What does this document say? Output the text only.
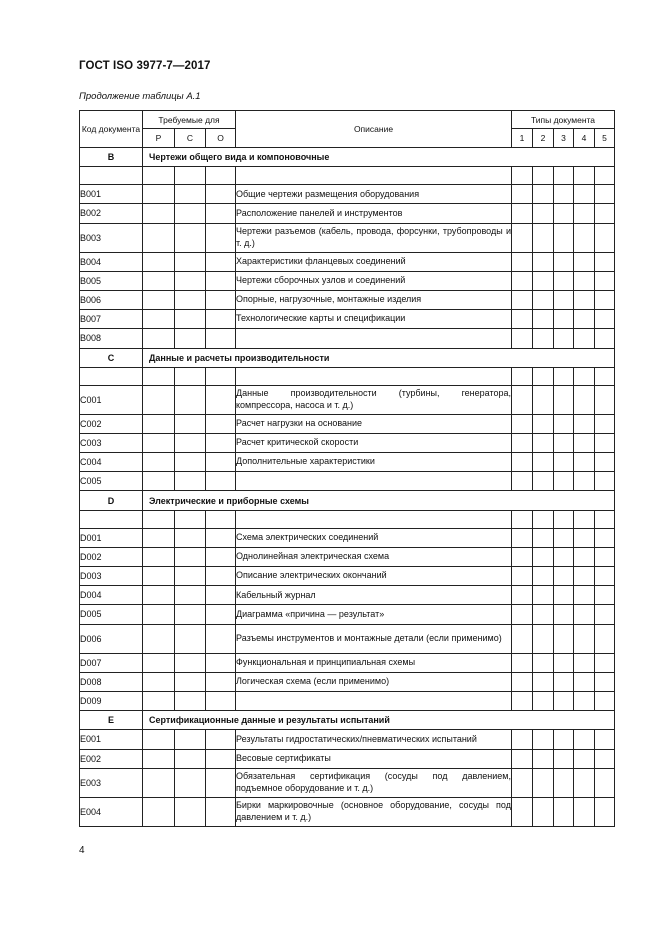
ГОСТ ISO 3977-7—2017
Продолжение таблицы А.1
Код документа	Требуемые для			Описание	Типы документа				
	Р	С	О		1	2	3	4	5
B	Чертежи общего вида и компоновочные								

B001				Общие чертежи размещения оборудования					
B002				Расположение панелей и инструментов					
B003				Чертежи разъемов (кабель, провода, форсунки, трубопроводы и т. д.)					
B004				Характеристики фланцевых соединений					
B005				Чертежи сборочных узлов и соединений					
B006				Опорные, нагрузочные, монтажные изделия					
B007				Технологические карты и спецификации					
B008									
C	Данные и расчеты производительности								

C001				Данные производительности (турбины, генератора, компрессора, насоса и т. д.)					
C002				Расчет нагрузки на основание					
C003				Расчет критической скорости					
C004				Дополнительные характеристики					
C005									
D	Электрические и приборные схемы								

D001				Схема электрических соединений					
D002				Однолинейная электрическая схема					
D003				Описание электрических окончаний					
D004				Кабельный журнал					
D005				Диаграмма «причина — результат»					
D006				Разъемы инструментов и монтажные детали (если применимо)					
D007				Функциональная и принципиальная схемы					
D008				Логическая схема (если применимо)					
D009									
E	Сертификационные данные и результаты испытаний								
E001				Результаты гидростатических/пневматических испытаний					
E002				Весовые сертификаты					
E003				Обязательная сертификация (сосуды под давлением, подъемное оборудование и т. д.)					
E004				Бирки маркировочные (основное оборудование, сосуды под давлением и т. д.)					
4
